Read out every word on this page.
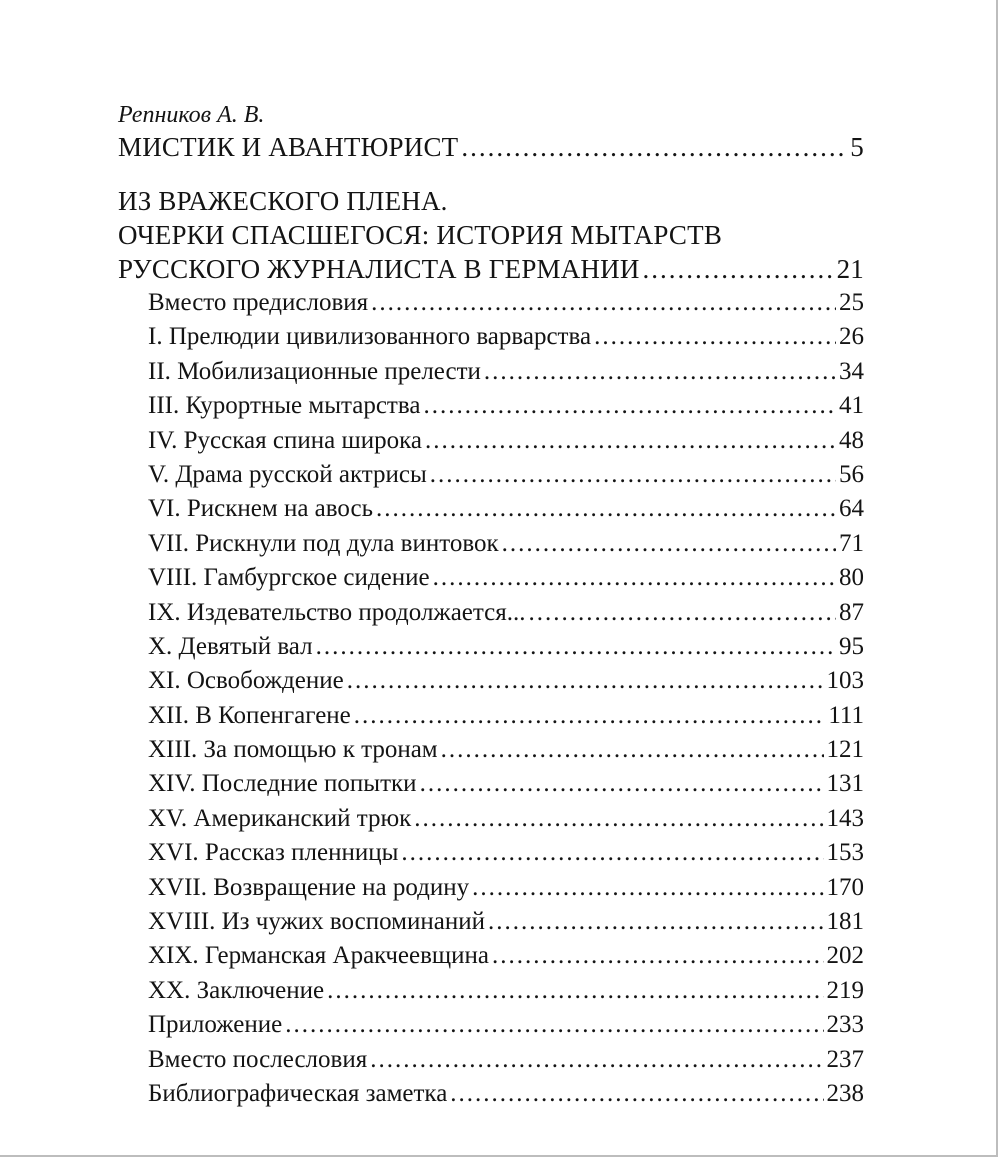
Репников А. В.
МИСТИК И АВАНТЮРИСТ .....	5
ИЗ ВРАЖЕСКОГО ПЛЕНА.
ОЧЕРКИ СПАСШЕГОСЯ: ИСТОРИЯ МЫТАРСТВ
РУССКОГО ЖУРНАЛИСТА В ГЕРМАНИИ .....	21
Вместо предисловия .....	25
I. Прелюдии цивилизованного варварства .....	26
II. Мобилизационные прелести .....	34
III. Курортные мытарства .....	41
IV. Русская спина широка .....	48
V. Драма русской актрисы .....	56
VI. Рискнем на авось .....	64
VII. Рискнули под дула винтовок .....	71
VIII. Гамбургское сидение .....	80
IX. Издевательство продолжается... .....	87
X. Девятый вал .....	95
XI. Освобождение .....	103
XII. В Копенгагене .....	111
XIII. За помощью к тронам .....	121
XIV. Последние попытки .....	131
XV. Американский трюк .....	143
XVI. Рассказ пленницы .....	153
XVII. Возвращение на родину .....	170
XVIII. Из чужих воспоминаний .....	181
XIX. Германская Аракчеевщина .....	202
XX. Заключение .....	219
Приложение .....	233
Вместо послесловия .....	237
Библиографическая заметка .....	238
